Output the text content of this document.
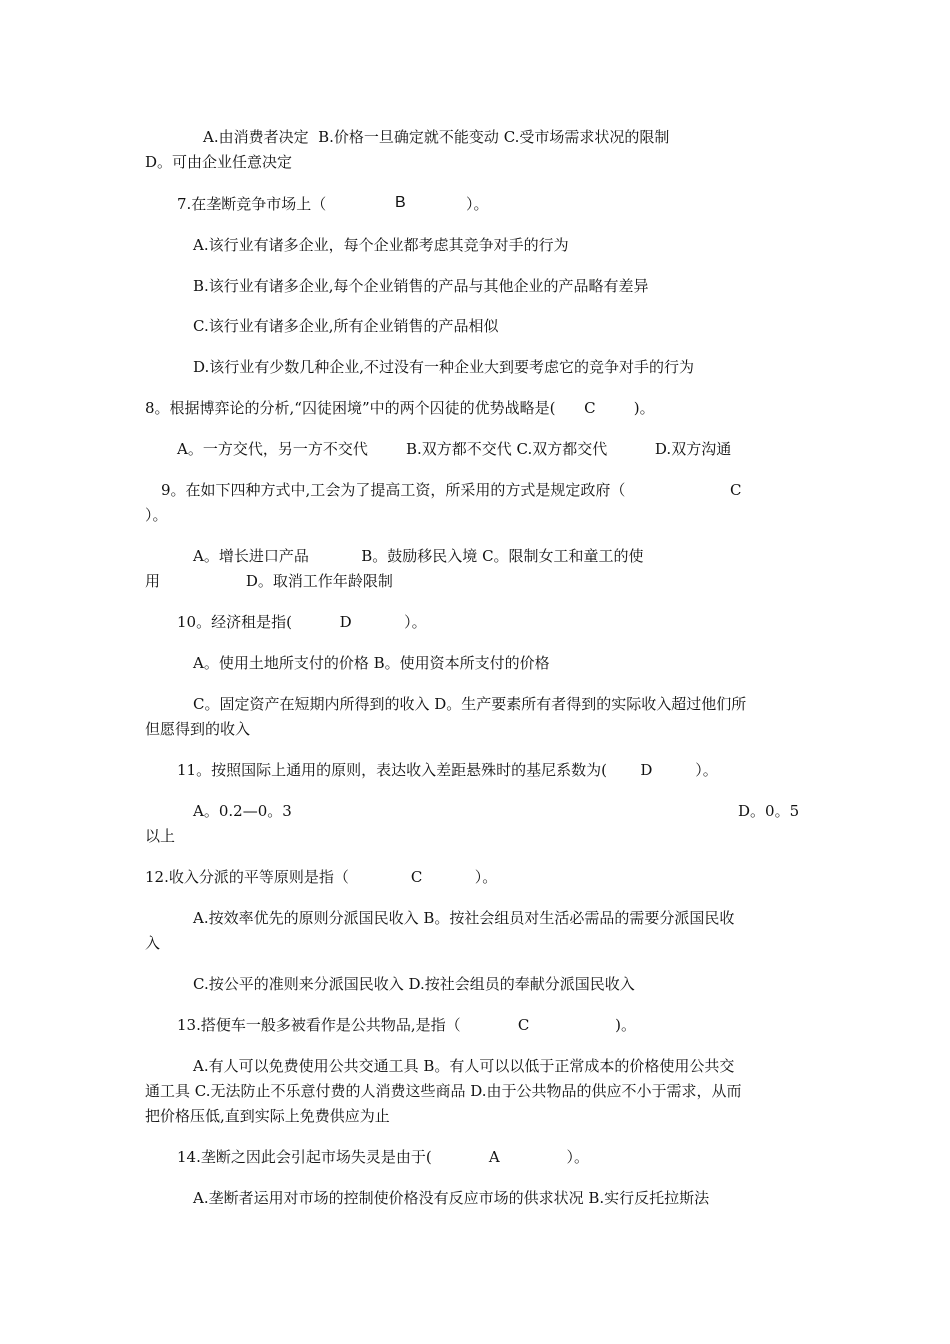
A.由消费者决定  B.价格一旦确定就不能变动 C.受市场需求状况的限制

D。可由企业任意决定

7.在垄断竞争市场上（	B	）。

A.该行业有诸多企业，每个企业都考虑其竞争对手的行为

B.该行业有诸多企业,每个企业销售的产品与其他企业的产品略有差异

C.该行业有诸多企业,所有企业销售的产品相似

D.该行业有少数几种企业,不过没有一种企业大到要考虑它的竞争对手的行为

8。根据博弈论的分析,“囚徒困境”中的两个囚徒的优势战略是(      C        )。

A。一方交代，另一方不交代        B.双方都不交代 C.双方都交代          D.双方沟通

9。在如下四种方式中,工会为了提高工资，所采用的方式是规定政府（	C

）。

A。增长进口产品           B。鼓励移民入境 C。限制女工和童工的使

用                  D。取消工作年龄限制

10。经济租是指(          D           ）。

A。使用土地所支付的价格 B。使用资本所支付的价格

C。固定资产在短期内所得到的收入 D。生产要素所有者得到的实际收入超过他们所

但愿得到的收入

11。按照国际上通用的原则，表达收入差距悬殊时的基尼系数为(       D         ）。

A。0.2—0。3	D。0。5

以上

12.收入分派的平等原则是指（             C           ）。

A.按效率优先的原则分派国民收入 B。按社会组员对生活必需品的需要分派国民收

入

C.按公平的准则来分派国民收入 D.按社会组员的奉献分派国民收入

13.搭便车一般多被看作是公共物品,是指（            C                  )。

A.有人可以免费使用公共交通工具 B。有人可以以低于正常成本的价格使用公共交

通工具 C.无法防止不乐意付费的人消费这些商品 D.由于公共物品的供应不小于需求，从而

把价格压低,直到实际上免费供应为止

14.垄断之因此会引起市场失灵是由于(            A              ）。

A.垄断者运用对市场的控制使价格没有反应市场的供求状况 B.实行反托拉斯法
